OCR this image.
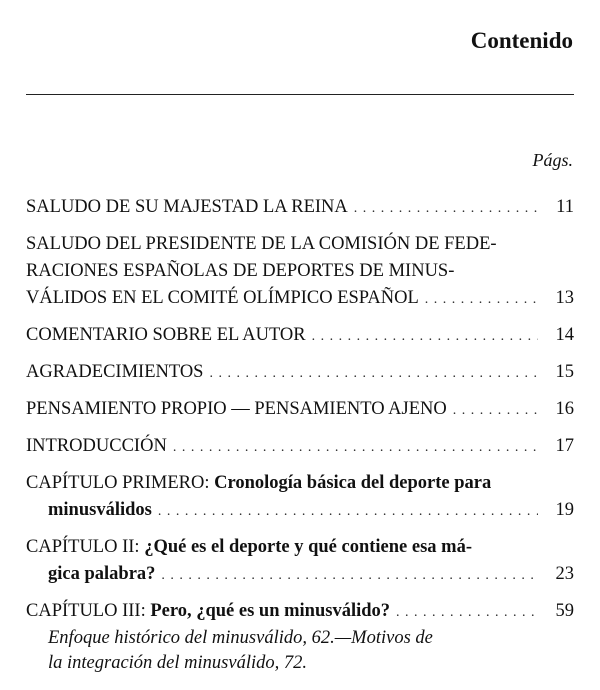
Contenido
Págs.
SALUDO DE SU MAJESTAD LA REINA . . .	11
SALUDO DEL PRESIDENTE DE LA COMISIÓN DE FEDE-
RACIONES ESPAÑOLAS DE DEPORTES DE MINUS-
VÁLIDOS EN EL COMITÉ OLÍMPICO ESPAÑOL . . .	13
COMENTARIO SOBRE EL AUTOR . . .	14
AGRADECIMIENTOS . . .	15
PENSAMIENTO PROPIO — PENSAMIENTO AJENO . . .	16
INTRODUCCIÓN . . .	17
CAPÍTULO PRIMERO: Cronología básica del deporte para
minusválidos . . .	19
CAPÍTULO II: ¿Qué es el deporte y qué contiene esa má-
gica palabra? . . .	23
CAPÍTULO III: Pero, ¿qué es un minusválido? . . .	59
Enfoque histórico del minusválido, 62.—Motivos de
la integración del minusválido, 72.
